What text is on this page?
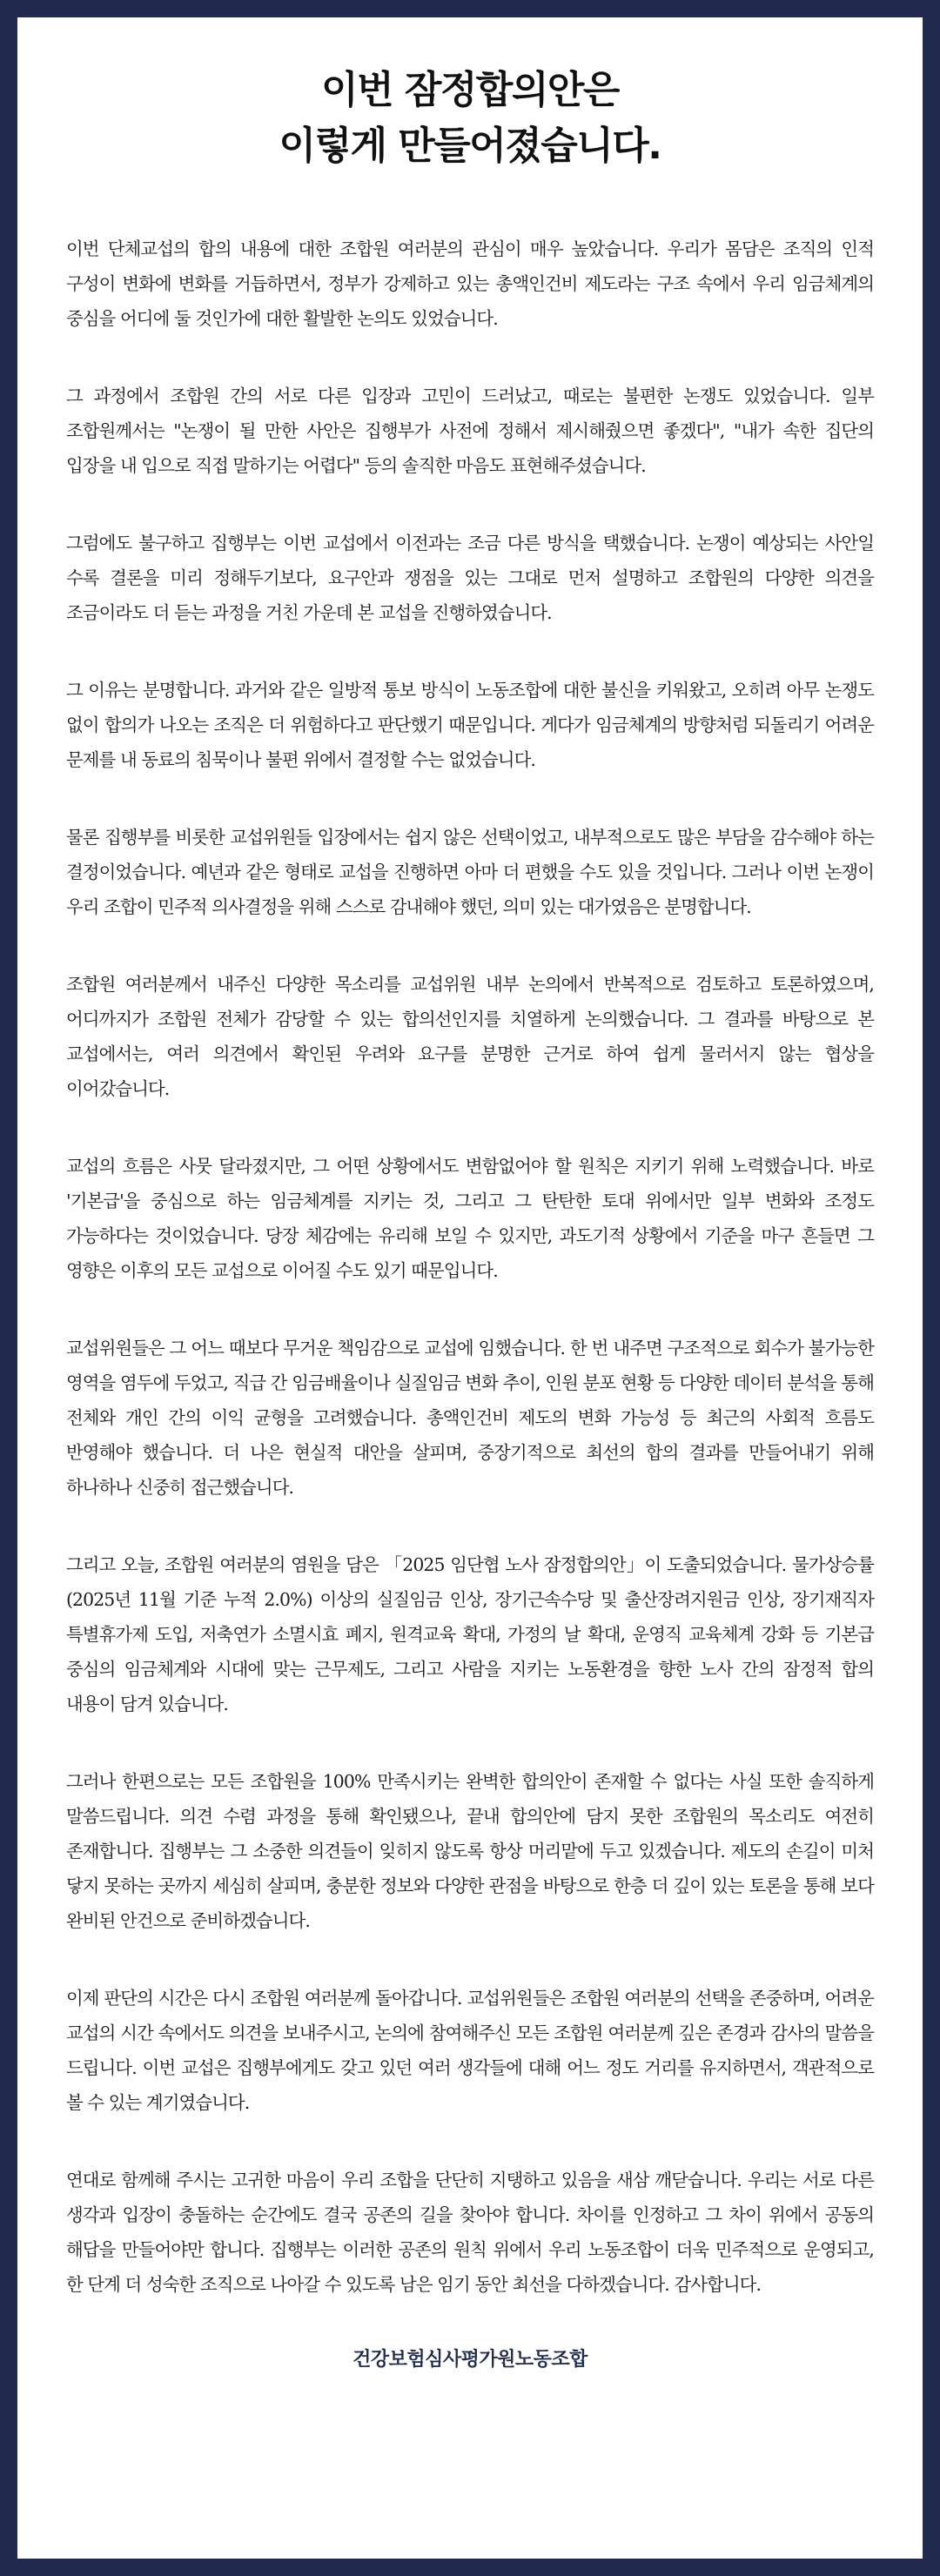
이번 잠정합의안은
이렇게 만들어졌습니다.

이번 단체교섭의 합의 내용에 대한 조합원 여러분의 관심이 매우 높았습니다. 우리가 몸담은 조직의 인적 구성이 변화에 변화를 거듭하면서, 정부가 강제하고 있는 총액인건비 제도라는 구조 속에서 우리 임금체계의 중심을 어디에 둘 것인가에 대한 활발한 논의도 있었습니다.

그 과정에서 조합원 간의 서로 다른 입장과 고민이 드러났고, 때로는 불편한 논쟁도 있었습니다. 일부 조합원께서는 "논쟁이 될 만한 사안은 집행부가 사전에 정해서 제시해줬으면 좋겠다", "내가 속한 집단의 입장을 내 입으로 직접 말하기는 어렵다" 등의 솔직한 마음도 표현해주셨습니다.

그럼에도 불구하고 집행부는 이번 교섭에서 이전과는 조금 다른 방식을 택했습니다. 논쟁이 예상되는 사안일 수록 결론을 미리 정해두기보다, 요구안과 쟁점을 있는 그대로 먼저 설명하고 조합원의 다양한 의견을 조금이라도 더 듣는 과정을 거친 가운데 본 교섭을 진행하였습니다.

그 이유는 분명합니다. 과거와 같은 일방적 통보 방식이 노동조합에 대한 불신을 키워왔고, 오히려 아무 논쟁도 없이 합의가 나오는 조직은 더 위험하다고 판단했기 때문입니다. 게다가 임금체계의 방향처럼 되돌리기 어려운 문제를 내 동료의 침묵이나 불편 위에서 결정할 수는 없었습니다.

물론 집행부를 비롯한 교섭위원들 입장에서는 쉽지 않은 선택이었고, 내부적으로도 많은 부담을 감수해야 하는 결정이었습니다. 예년과 같은 형태로 교섭을 진행하면 아마 더 편했을 수도 있을 것입니다. 그러나 이번 논쟁이 우리 조합이 민주적 의사결정을 위해 스스로 감내해야 했던, 의미 있는 대가였음은 분명합니다.

조합원 여러분께서 내주신 다양한 목소리를 교섭위원 내부 논의에서 반복적으로 검토하고 토론하였으며, 어디까지가 조합원 전체가 감당할 수 있는 합의선인지를 치열하게 논의했습니다. 그 결과를 바탕으로 본 교섭에서는, 여러 의견에서 확인된 우려와 요구를 분명한 근거로 하여 쉽게 물러서지 않는 협상을 이어갔습니다.

교섭의 흐름은 사뭇 달라졌지만, 그 어떤 상황에서도 변함없어야 할 원칙은 지키기 위해 노력했습니다. 바로 '기본급'을 중심으로 하는 임금체계를 지키는 것, 그리고 그 탄탄한 토대 위에서만 일부 변화와 조정도 가능하다는 것이었습니다. 당장 체감에는 유리해 보일 수 있지만, 과도기적 상황에서 기준을 마구 흔들면 그 영향은 이후의 모든 교섭으로 이어질 수도 있기 때문입니다.

교섭위원들은 그 어느 때보다 무거운 책임감으로 교섭에 임했습니다. 한 번 내주면 구조적으로 회수가 불가능한 영역을 염두에 두었고, 직급 간 임금배율이나 실질임금 변화 추이, 인원 분포 현황 등 다양한 데이터 분석을 통해 전체와 개인 간의 이익 균형을 고려했습니다. 총액인건비 제도의 변화 가능성 등 최근의 사회적 흐름도 반영해야 했습니다. 더 나은 현실적 대안을 살피며, 중장기적으로 최선의 합의 결과를 만들어내기 위해 하나하나 신중히 접근했습니다.

그리고 오늘, 조합원 여러분의 염원을 담은 「2025 임단협 노사 잠정합의안」이 도출되었습니다. 물가상승률(2025년 11월 기준 누적 2.0%) 이상의 실질임금 인상, 장기근속수당 및 출산장려지원금 인상, 장기재직자 특별휴가제 도입, 저축연가 소멸시효 폐지, 원격교육 확대, 가정의 날 확대, 운영직 교육체계 강화 등 기본급 중심의 임금체계와 시대에 맞는 근무제도, 그리고 사람을 지키는 노동환경을 향한 노사 간의 잠정적 합의 내용이 담겨 있습니다.

그러나 한편으로는 모든 조합원을 100% 만족시키는 완벽한 합의안이 존재할 수 없다는 사실 또한 솔직하게 말씀드립니다. 의견 수렴 과정을 통해 확인됐으나, 끝내 합의안에 담지 못한 조합원의 목소리도 여전히 존재합니다. 집행부는 그 소중한 의견들이 잊히지 않도록 항상 머리맡에 두고 있겠습니다. 제도의 손길이 미처 닿지 못하는 곳까지 세심히 살피며, 충분한 정보와 다양한 관점을 바탕으로 한층 더 깊이 있는 토론을 통해 보다 완비된 안건으로 준비하겠습니다.

이제 판단의 시간은 다시 조합원 여러분께 돌아갑니다. 교섭위원들은 조합원 여러분의 선택을 존중하며, 어려운 교섭의 시간 속에서도 의견을 보내주시고, 논의에 참여해주신 모든 조합원 여러분께 깊은 존경과 감사의 말씀을 드립니다. 이번 교섭은 집행부에게도 갖고 있던 여러 생각들에 대해 어느 정도 거리를 유지하면서, 객관적으로 볼 수 있는 계기였습니다.

연대로 함께해 주시는 고귀한 마음이 우리 조합을 단단히 지탱하고 있음을 새삼 깨닫습니다. 우리는 서로 다른 생각과 입장이 충돌하는 순간에도 결국 공존의 길을 찾아야 합니다. 차이를 인정하고 그 차이 위에서 공동의 해답을 만들어야만 합니다. 집행부는 이러한 공존의 원칙 위에서 우리 노동조합이 더욱 민주적으로 운영되고, 한 단계 더 성숙한 조직으로 나아갈 수 있도록 남은 임기 동안 최선을 다하겠습니다. 감사합니다.

건강보험심사평가원노동조합
